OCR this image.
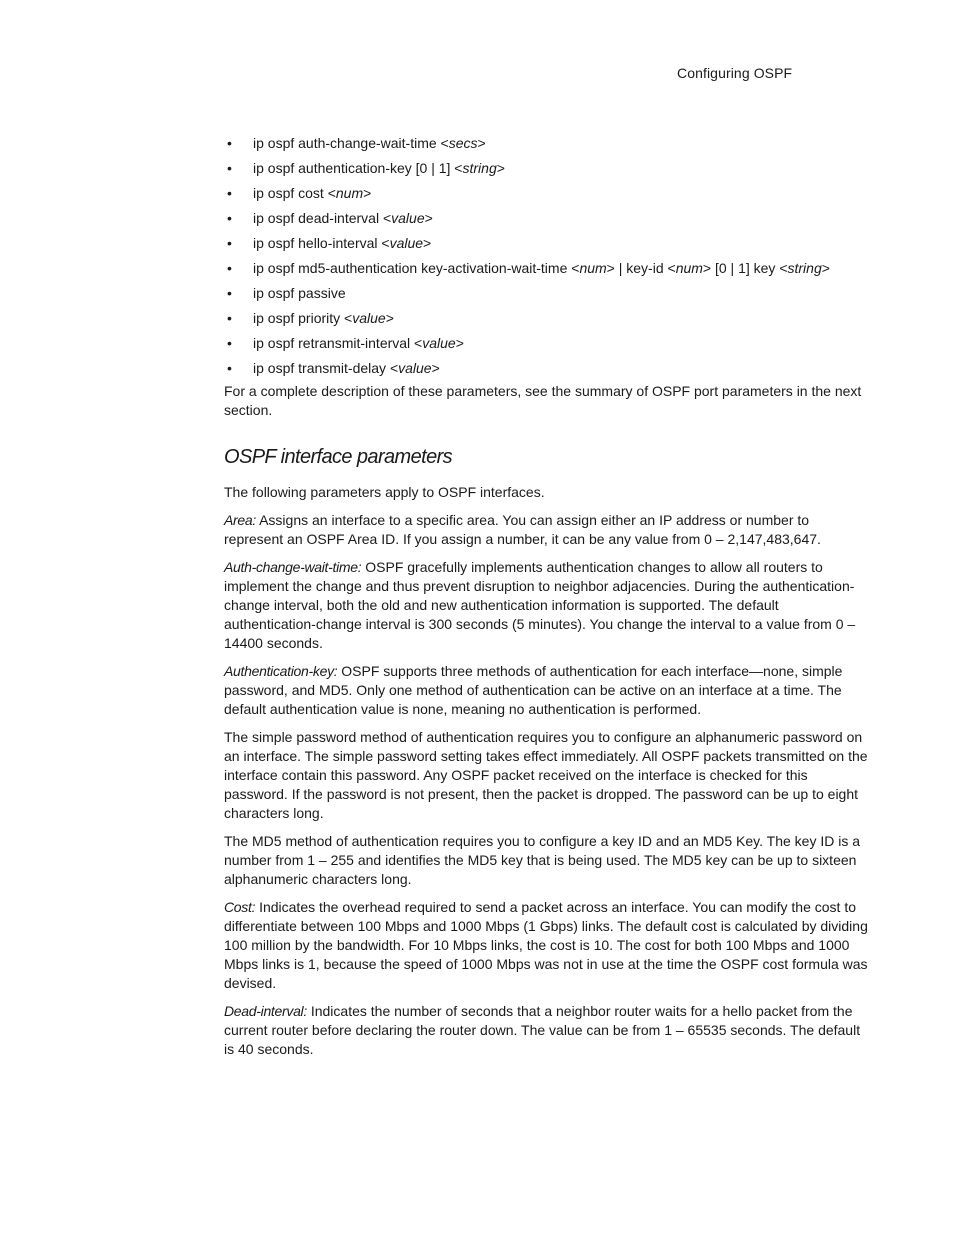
Configuring OSPF
• ip ospf auth-change-wait-time <secs>
• ip ospf authentication-key [0 | 1] <string>
• ip ospf cost <num>
• ip ospf dead-interval <value>
• ip ospf hello-interval <value>
• ip ospf md5-authentication key-activation-wait-time <num> | key-id <num> [0 | 1] key <string>
• ip ospf passive
• ip ospf priority <value>
• ip ospf retransmit-interval <value>
• ip ospf transmit-delay <value>

For a complete description of these parameters, see the summary of OSPF port parameters in the next section.

OSPF interface parameters

The following parameters apply to OSPF interfaces.

Area: Assigns an interface to a specific area. You can assign either an IP address or number to represent an OSPF Area ID. If you assign a number, it can be any value from 0 – 2,147,483,647.

Auth-change-wait-time: OSPF gracefully implements authentication changes to allow all routers to implement the change and thus prevent disruption to neighbor adjacencies. During the authentication-change interval, both the old and new authentication information is supported. The default authentication-change interval is 300 seconds (5 minutes). You change the interval to a value from 0 – 14400 seconds.

Authentication-key: OSPF supports three methods of authentication for each interface—none, simple password, and MD5. Only one method of authentication can be active on an interface at a time. The default authentication value is none, meaning no authentication is performed.

The simple password method of authentication requires you to configure an alphanumeric password on an interface. The simple password setting takes effect immediately. All OSPF packets transmitted on the interface contain this password. Any OSPF packet received on the interface is checked for this password. If the password is not present, then the packet is dropped. The password can be up to eight characters long.

The MD5 method of authentication requires you to configure a key ID and an MD5 Key. The key ID is a number from 1 – 255 and identifies the MD5 key that is being used. The MD5 key can be up to sixteen alphanumeric characters long.

Cost: Indicates the overhead required to send a packet across an interface. You can modify the cost to differentiate between 100 Mbps and 1000 Mbps (1 Gbps) links. The default cost is calculated by dividing 100 million by the bandwidth. For 10 Mbps links, the cost is 10. The cost for both 100 Mbps and 1000 Mbps links is 1, because the speed of 1000 Mbps was not in use at the time the OSPF cost formula was devised.

Dead-interval: Indicates the number of seconds that a neighbor router waits for a hello packet from the current router before declaring the router down. The value can be from 1 – 65535 seconds. The default is 40 seconds.
